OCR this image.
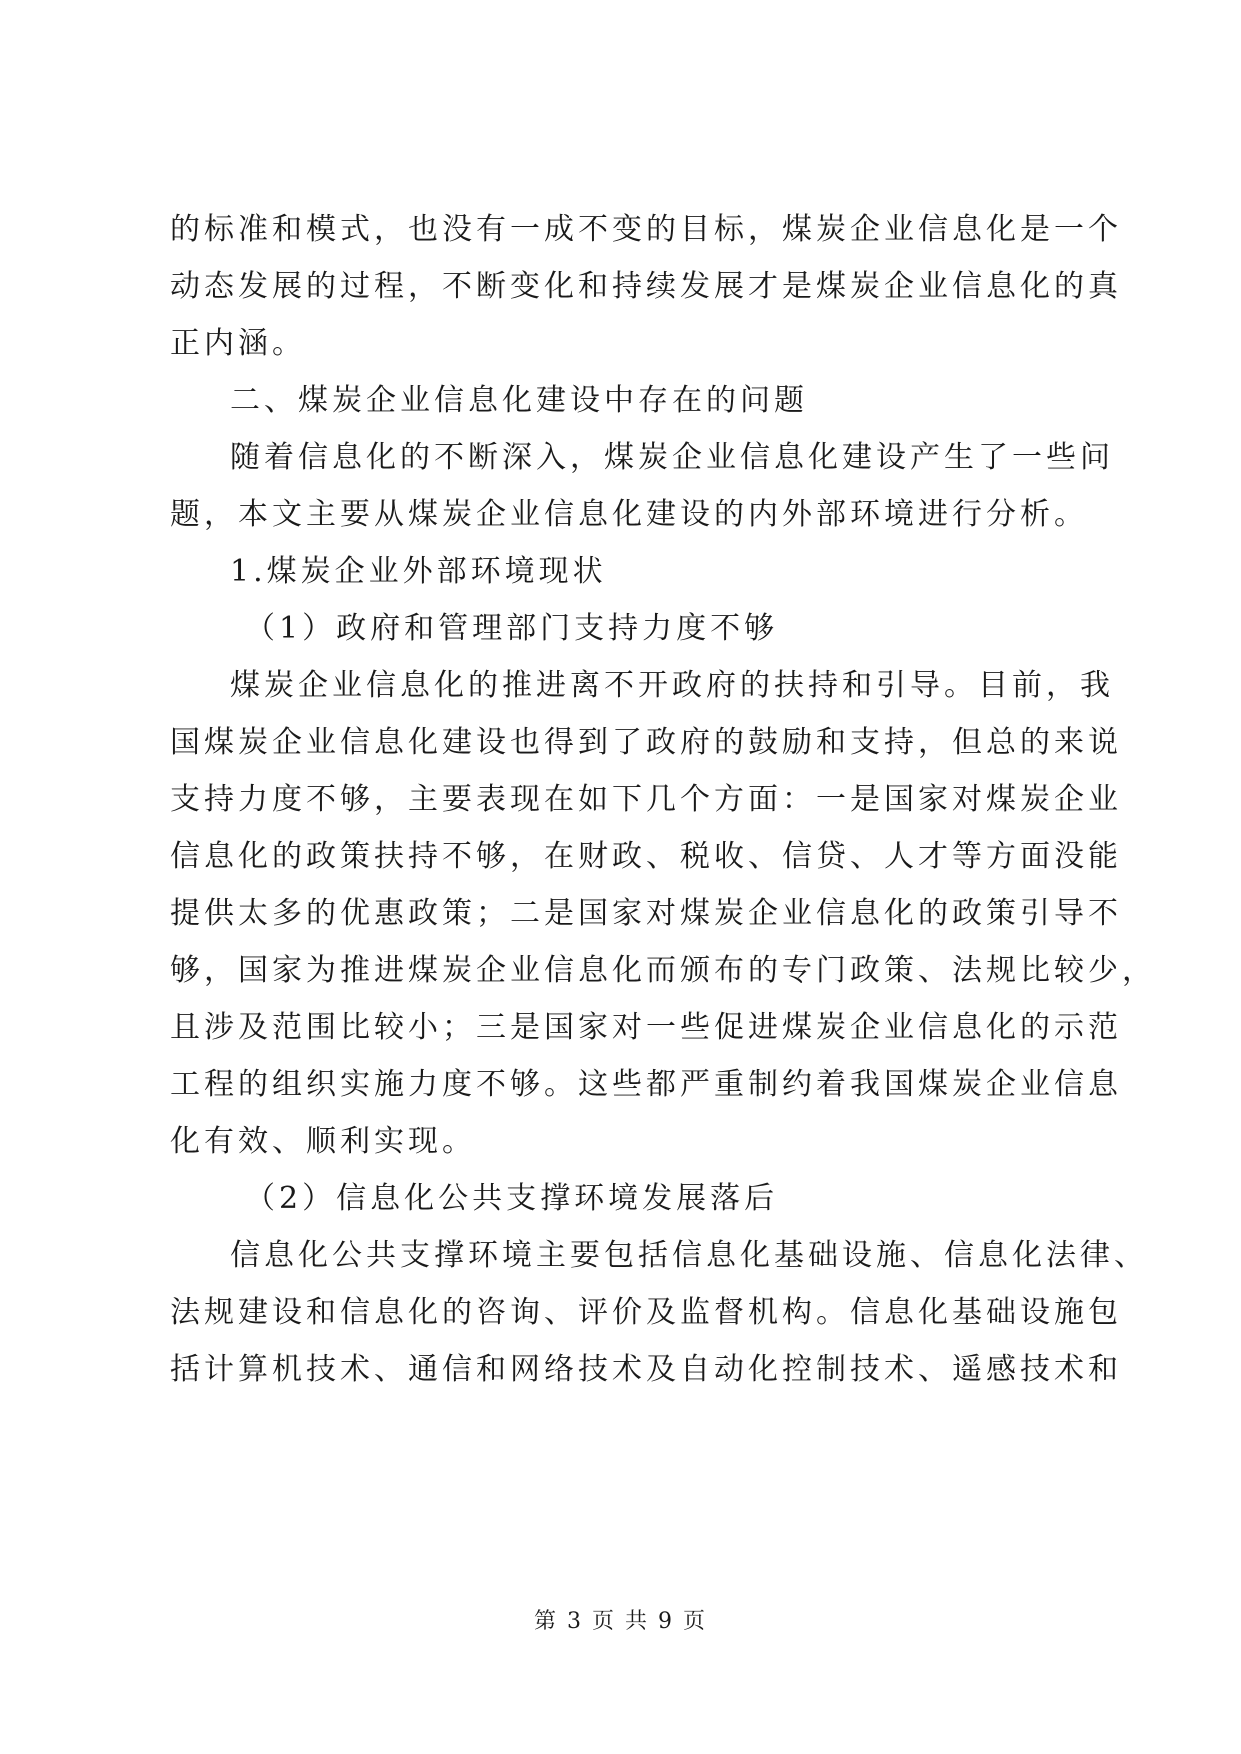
的标准和模式，也没有一成不变的目标，煤炭企业信息化是一个
动态发展的过程，不断变化和持续发展才是煤炭企业信息化的真
正内涵。
二、煤炭企业信息化建设中存在的问题
随着信息化的不断深入，煤炭企业信息化建设产生了一些问
题，本文主要从煤炭企业信息化建设的内外部环境进行分析。
1.煤炭企业外部环境现状
（1）政府和管理部门支持力度不够
煤炭企业信息化的推进离不开政府的扶持和引导。目前，我
国煤炭企业信息化建设也得到了政府的鼓励和支持，但总的来说
支持力度不够，主要表现在如下几个方面：一是国家对煤炭企业
信息化的政策扶持不够，在财政、税收、信贷、人才等方面没能
提供太多的优惠政策；二是国家对煤炭企业信息化的政策引导不
够，国家为推进煤炭企业信息化而颁布的专门政策、法规比较少，
且涉及范围比较小；三是国家对一些促进煤炭企业信息化的示范
工程的组织实施力度不够。这些都严重制约着我国煤炭企业信息
化有效、顺利实现。
（2）信息化公共支撑环境发展落后
信息化公共支撑环境主要包括信息化基础设施、信息化法律、
法规建设和信息化的咨询、评价及监督机构。信息化基础设施包
括计算机技术、通信和网络技术及自动化控制技术、遥感技术和
第 3 页 共 9 页
